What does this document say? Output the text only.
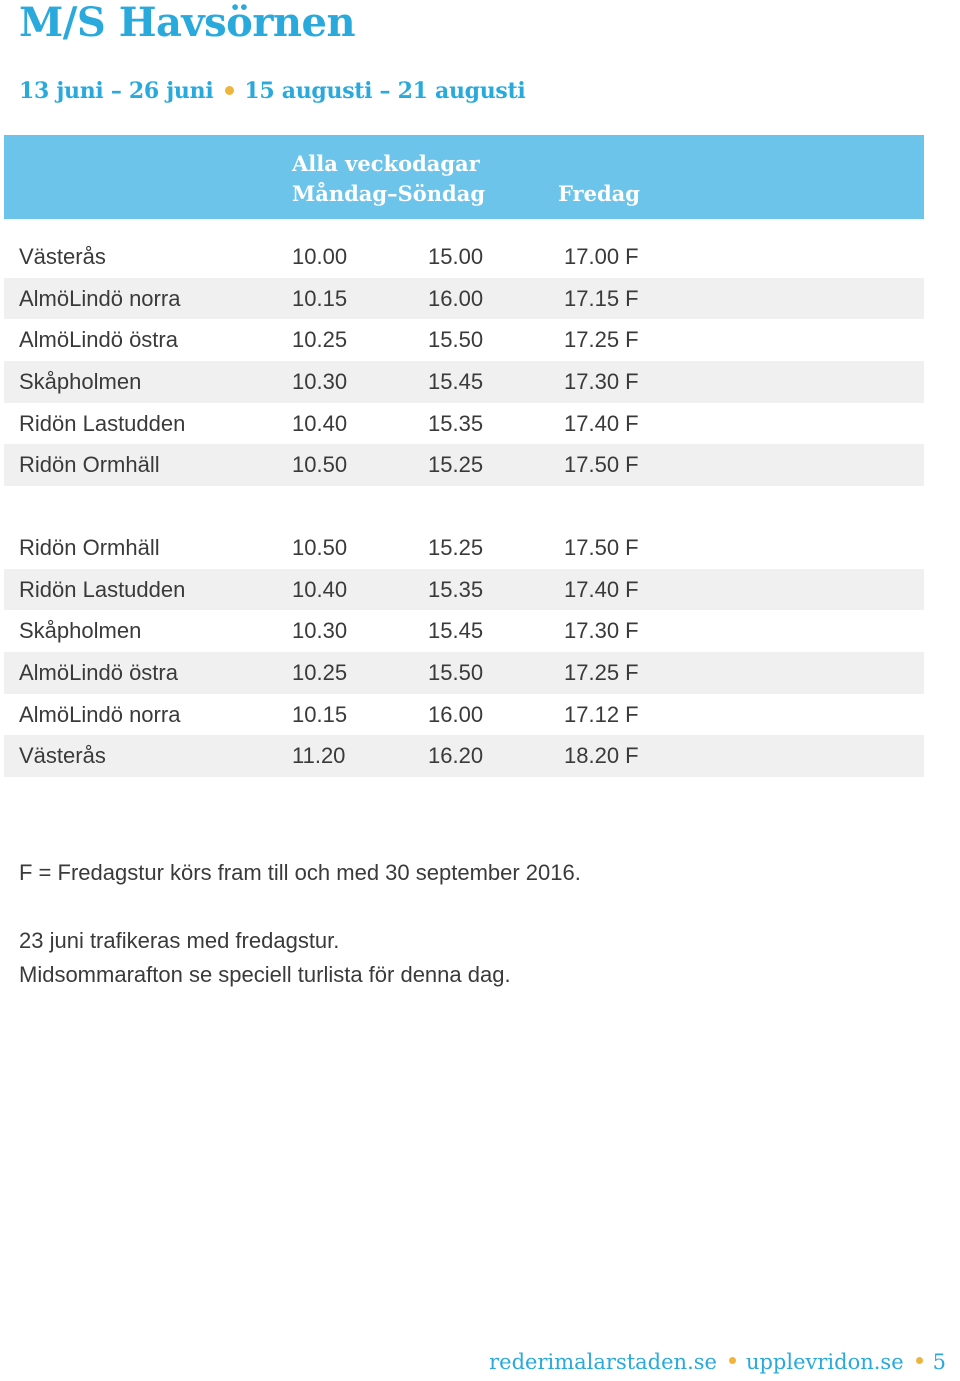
M/S Havsörnen
13 juni – 26 juni 15 augusti – 21 augusti
Alla veckodagar
Måndag–Söndag	Fredag
Västerås	10.00	15.00	17.00 F
AlmöLindö norra	10.15	16.00	17.15 F
AlmöLindö östra	10.25	15.50	17.25 F
Skåpholmen	10.30	15.45	17.30 F
Ridön Lastudden	10.40	15.35	17.40 F
Ridön Ormhäll	10.50	15.25	17.50 F
Ridön Ormhäll	10.50	15.25	17.50 F
Ridön Lastudden	10.40	15.35	17.40 F
Skåpholmen	10.30	15.45	17.30 F
AlmöLindö östra	10.25	15.50	17.25 F
AlmöLindö norra	10.15	16.00	17.12 F
Västerås	11.20	16.20	18.20 F
F = Fredagstur körs fram till och med 30 september 2016.
23 juni trafikeras med fredagstur.
Midsommarafton se speciell turlista för denna dag.
rederimalarstaden.se upplevridon.se 5
